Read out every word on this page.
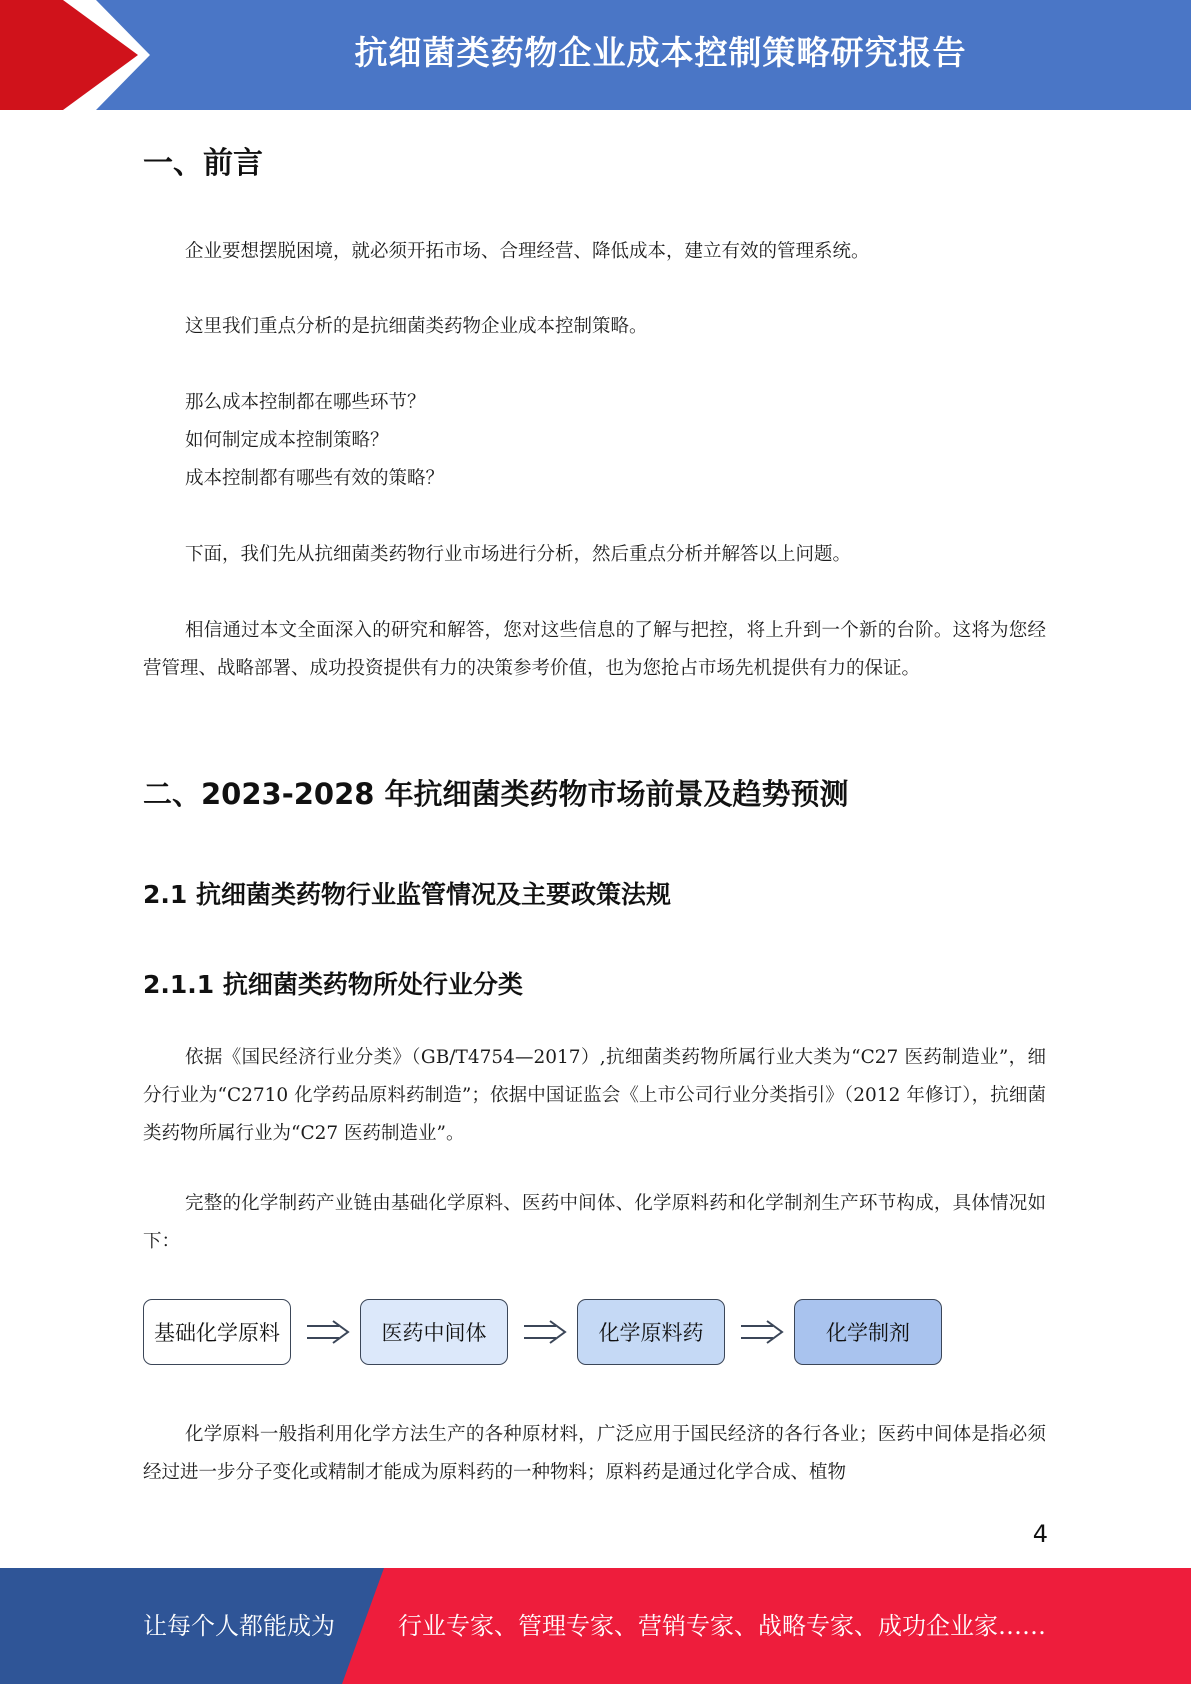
抗细菌类药物企业成本控制策略研究报告
一、前言

企业要想摆脱困境，就必须开拓市场、合理经营、降低成本，建立有效的管理系统。

这里我们重点分析的是抗细菌类药物企业成本控制策略。

那么成本控制都在哪些环节？

如何制定成本控制策略？

成本控制都有哪些有效的策略？

下面，我们先从抗细菌类药物行业市场进行分析，然后重点分析并解答以上问题。

相信通过本文全面深入的研究和解答，您对这些信息的了解与把控，将上升到一个新的台阶。这将为您经营管理、战略部署、成功投资提供有力的决策参考价值，也为您抢占市场先机提供有力的保证。

二、2023-2028 年抗细菌类药物市场前景及趋势预测
2.1 抗细菌类药物行业监管情况及主要政策法规
2.1.1 抗细菌类药物所处行业分类

依据《国民经济行业分类》（GB/T4754—2017）,抗细菌类药物所属行业大类为“C27 医药制造业”，细分行业为“C2710 化学药品原料药制造”；依据中国证监会《上市公司行业分类指引》（2012 年修订），抗细菌类药物所属行业为“C27 医药制造业”。

完整的化学制药产业链由基础化学原料、医药中间体、化学原料药和化学制剂生产环节构成，具体情况如下：

基础化学原料	医药中间体	化学原料药	化学制剂

化学原料一般指利用化学方法生产的各种原材料，广泛应用于国民经济的各行各业；医药中间体是指必须经过进一步分子变化或精制才能成为原料药的一种物料；原料药是通过化学合成、植物

4
让每个人都能成为	行业专家、管理专家、营销专家、战略专家、成功企业家……
